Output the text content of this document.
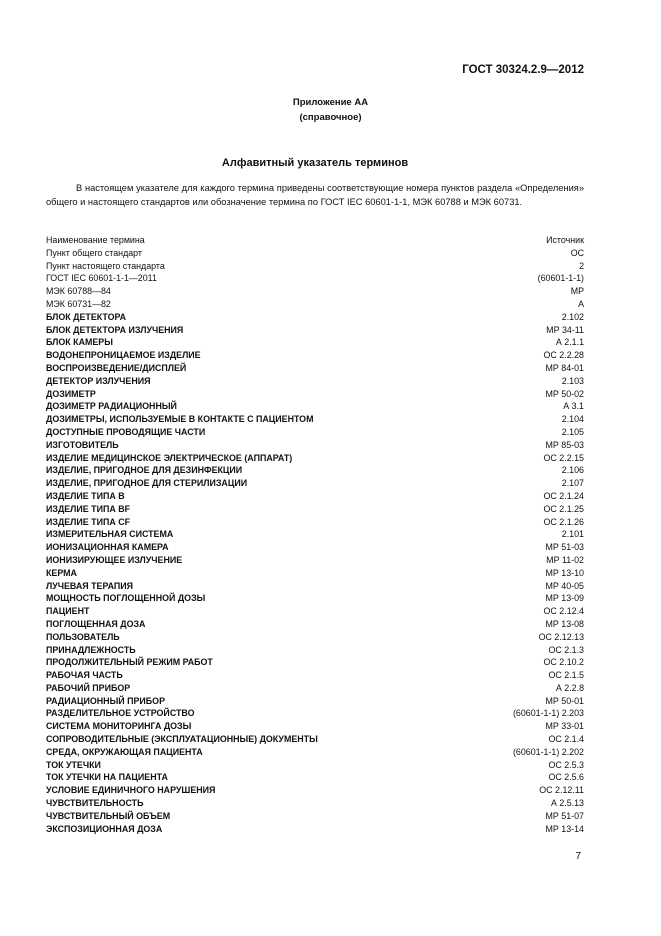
ГОСТ 30324.2.9—2012
Приложение АА
(справочное)
Алфавитный указатель терминов
В настоящем указателе для каждого термина приведены соответствующие номера пунктов раздела «Определения» общего и настоящего стандартов или обозначение термина по ГОСТ IEC 60601-1-1, МЭК 60788 и МЭК 60731.
Наименование термина	Источник
Пункт общего стандарт	ОС
Пункт настоящего стандарта	2
ГОСТ IEC 60601-1-1—2011	(60601-1-1)
МЭК 60788—84	МР
МЭК 60731—82	А
БЛОК ДЕТЕКТОРА	2.102
БЛОК ДЕТЕКТОРА ИЗЛУЧЕНИЯ	МР 34-11
БЛОК КАМЕРЫ	А 2.1.1
ВОДОНЕПРОНИЦАЕМОЕ ИЗДЕЛИЕ	ОС 2.2.28
ВОСПРОИЗВЕДЕНИЕ/ДИСПЛЕЙ	МР 84-01
ДЕТЕКТОР ИЗЛУЧЕНИЯ	2.103
ДОЗИМЕТР	МР 50-02
ДОЗИМЕТР РАДИАЦИОННЫЙ	А 3.1
ДОЗИМЕТРЫ, ИСПОЛЬЗУЕМЫЕ В КОНТАКТЕ С ПАЦИЕНТОМ	2.104
ДОСТУПНЫЕ ПРОВОДЯЩИЕ ЧАСТИ	2.105
ИЗГОТОВИТЕЛЬ	МР 85-03
ИЗДЕЛИЕ МЕДИЦИНСКОЕ ЭЛЕКТРИЧЕСКОЕ (АППАРАТ)	ОС 2.2.15
ИЗДЕЛИЕ, ПРИГОДНОЕ ДЛЯ ДЕЗИНФЕКЦИИ	2.106
ИЗДЕЛИЕ, ПРИГОДНОЕ ДЛЯ СТЕРИЛИЗАЦИИ	2.107
ИЗДЕЛИЕ ТИПА В	ОС 2.1.24
ИЗДЕЛИЕ ТИПА BF	ОС 2.1.25
ИЗДЕЛИЕ ТИПА CF	ОС 2.1.26
ИЗМЕРИТЕЛЬНАЯ СИСТЕМА	2.101
ИОНИЗАЦИОННАЯ КАМЕРА	МР 51-03
ИОНИЗИРУЮЩЕЕ ИЗЛУЧЕНИЕ	МР 11-02
КЕРМА	МР 13-10
ЛУЧЕВАЯ ТЕРАПИЯ	МР 40-05
МОЩНОСТЬ ПОГЛОЩЕННОЙ ДОЗЫ	МР 13-09
ПАЦИЕНТ	ОС 2.12.4
ПОГЛОЩЕННАЯ ДОЗА	МР 13-08
ПОЛЬЗОВАТЕЛЬ	ОС 2.12.13
ПРИНАДЛЕЖНОСТЬ	ОС 2.1.3
ПРОДОЛЖИТЕЛЬНЫЙ РЕЖИМ РАБОТ	ОС 2.10.2
РАБОЧАЯ ЧАСТЬ	ОС 2.1.5
РАБОЧИЙ ПРИБОР	А 2.2.8
РАДИАЦИОННЫЙ ПРИБОР	МР 50-01
РАЗДЕЛИТЕЛЬНОЕ УСТРОЙСТВО	(60601-1-1) 2.203
СИСТЕМА МОНИТОРИНГА ДОЗЫ	МР 33-01
СОПРОВОДИТЕЛЬНЫЕ (ЭКСПЛУАТАЦИОННЫЕ) ДОКУМЕНТЫ	ОС 2.1.4
СРЕДА, ОКРУЖАЮЩАЯ ПАЦИЕНТА	(60601-1-1) 2.202
ТОК УТЕЧКИ	ОС 2.5.3
ТОК УТЕЧКИ НА ПАЦИЕНТА	ОС 2.5.6
УСЛОВИЕ ЕДИНИЧНОГО НАРУШЕНИЯ	ОС 2.12.11
ЧУВСТВИТЕЛЬНОСТЬ	А 2.5.13
ЧУВСТВИТЕЛЬНЫЙ ОБЪЕМ	МР 51-07
ЭКСПОЗИЦИОННАЯ ДОЗА	МР 13-14
7
